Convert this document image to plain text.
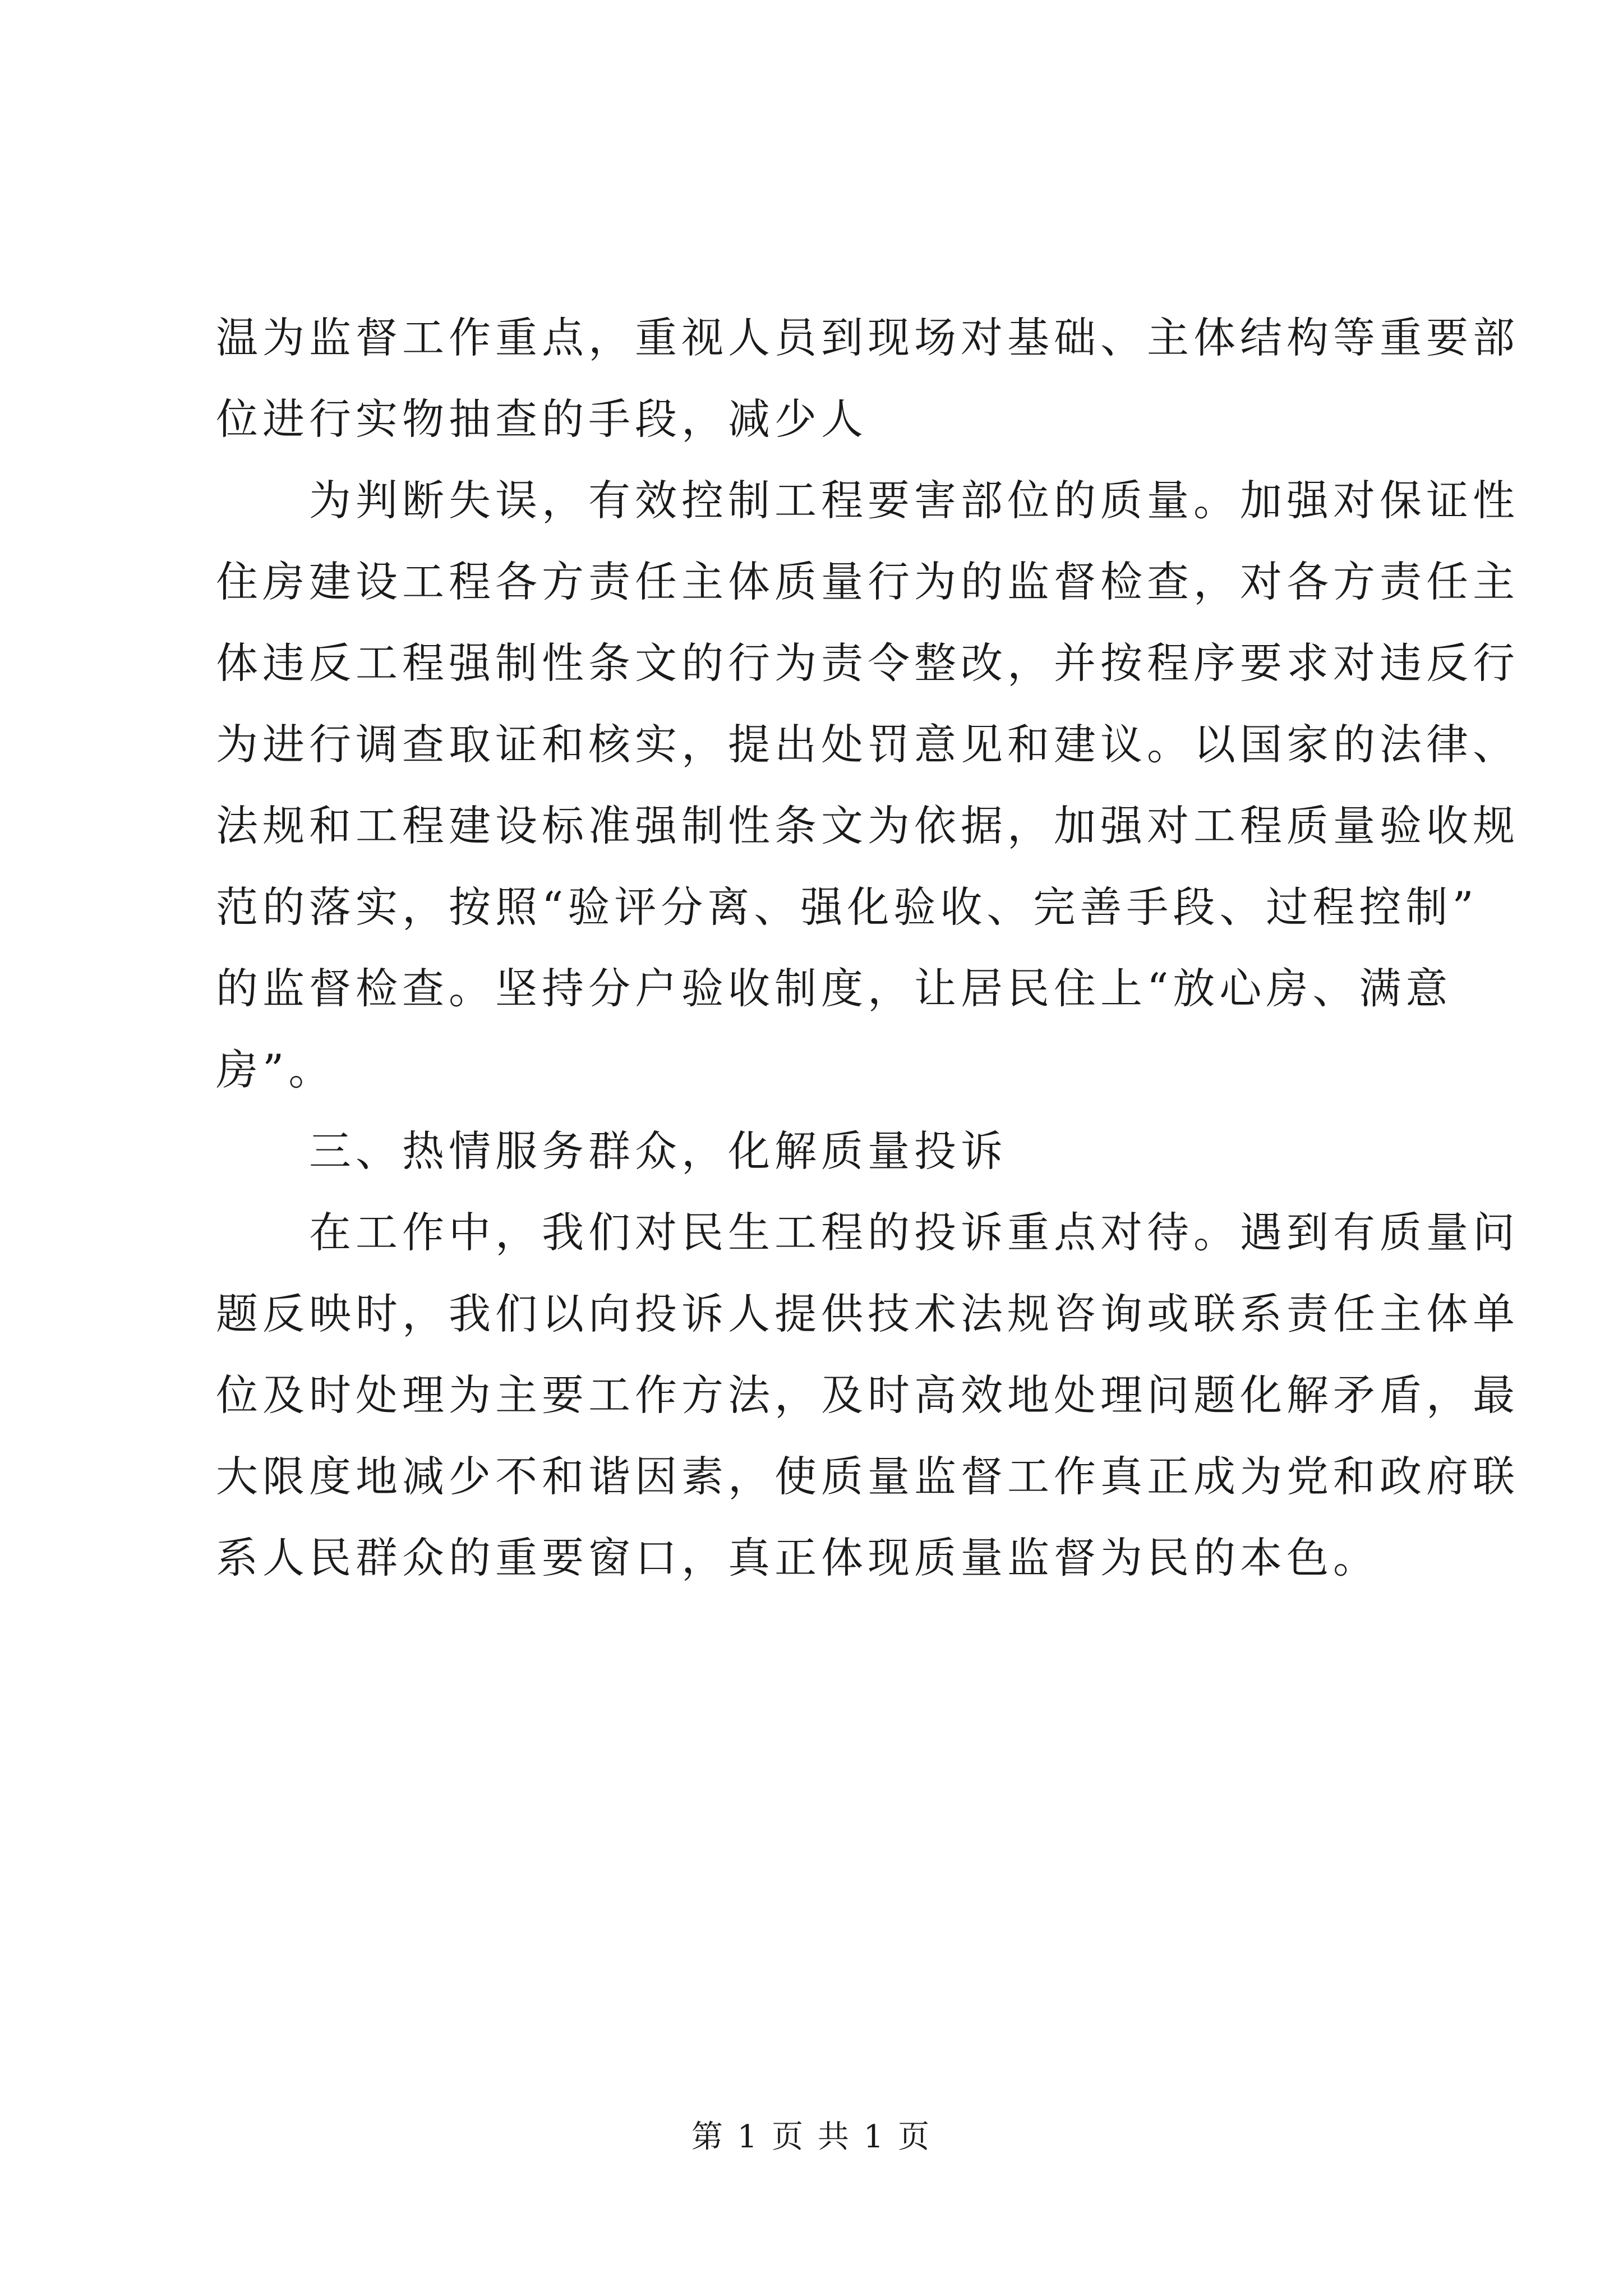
温为监督工作重点，重视人员到现场对基础、主体结构等重要部
位进行实物抽查的手段，减少人
　　为判断失误，有效控制工程要害部位的质量。加强对保证性
住房建设工程各方责任主体质量行为的监督检查，对各方责任主
体违反工程强制性条文的行为责令整改，并按程序要求对违反行
为进行调查取证和核实，提出处罚意见和建议。以国家的法律、
法规和工程建设标准强制性条文为依据，加强对工程质量验收规
范的落实，按照“验评分离、强化验收、完善手段、过程控制”
的监督检查。坚持分户验收制度，让居民住上“放心房、满意
房”。
　　三、热情服务群众，化解质量投诉
　　在工作中，我们对民生工程的投诉重点对待。遇到有质量问
题反映时，我们以向投诉人提供技术法规咨询或联系责任主体单
位及时处理为主要工作方法，及时高效地处理问题化解矛盾，最
大限度地减少不和谐因素，使质量监督工作真正成为党和政府联
系人民群众的重要窗口，真正体现质量监督为民的本色。
第 1 页 共 1 页
